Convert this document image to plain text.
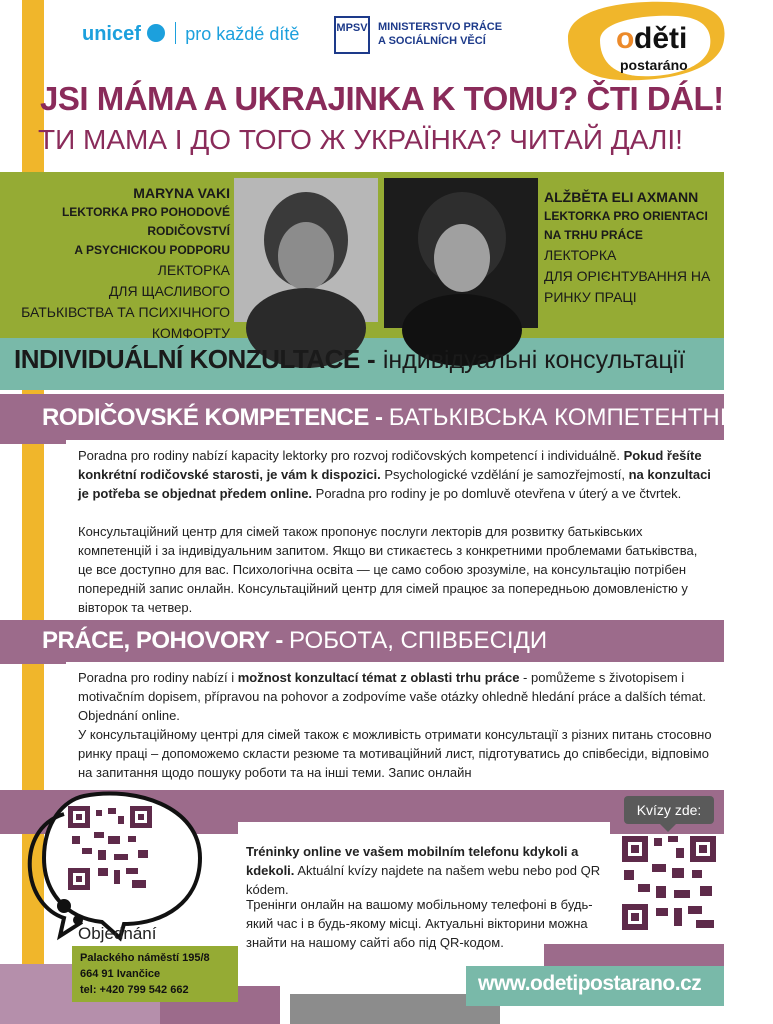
unicef pro každé dítě	MPSV MINISTERSTVO PRÁCE
A SOCIÁLNÍCH VĚCÍ	o děti
postaráno
JSI MÁMA A UKRAJINKA K TOMU? ČTI DÁL!
ТИ МАМА І ДО ТОГО Ж УКРАЇНКА? ЧИТАЙ ДАЛІ!
MARYNA VAKI
LEKTORKA PRO POHODOVÉ RODIČOVSTVÍ
A PSYCHICKOU PODPORU
ЛЕКТОРКА
ДЛЯ ЩАСЛИВОГО
БАТЬКІВСТВА ТА ПСИХІЧНОГО
КОМФОРТУ
ALŽBĚTA ELI AXMANN
LEKTORKA PRO ORIENTACI
NA TRHU PRÁCE
ЛЕКТОРКА
ДЛЯ ОРІЄНТУВАННЯ НА
РИНКУ ПРАЦІ
INDIVIDUÁLNÍ KONZULTACE - індивідуальні консультації
RODIČOVSKÉ KOMPETENCE - БАТЬКІВСЬКА КОМПЕТЕНТНІСТЬ
Poradna pro rodiny nabízí kapacity lektorky pro rozvoj rodičovských kompetencí i individuálně. Pokud řešíte konkrétní rodičovské starosti, je vám k dispozici. Psychologické vzdělání je samozřejmostí, na konzultaci je potřeba se objednat předem online. Poradna pro rodiny je po domluvě otevřena v úterý a ve čtvrtek.
Консультаційний центр для сімей також пропонує послуги лекторів для розвитку батьківських компетенцій і за індивідуальним запитом. Якщо ви стикаєтесь з конкретними проблемами батьківства, це все доступно для вас. Психологічна освіта — це само собою зрозуміле, на консультацію потрібен попередній запис онлайн. Консультаційний центр для сімей працює за попередньою домовленістю у вівторок та четвер.
PRÁCE, POHOVORY - РОБОТА, СПІВБЕСІДИ
Poradna pro rodiny nabízí i možnost konzultací témat z oblasti trhu práce - pomůžeme s životopisem i motivačním dopisem, přípravou na pohovor a zodpovíme vaše otázky ohledně hledání práce a dalších témat. Objednání online.
У консультаційному центрі для сімей також є можливість отримати консультації з різних питань стосовно ринку праці – допоможемо скласти резюме та мотиваційний лист, підготуватись до співбесіди, відповімо на запитання щодо пошуку роботи та на інші теми. Запис онлайн
Objednání
Palackého náměstí 195/8
664 91 Ivančice
tel: +420 799 542 662
Tréninky online ve vašem mobilním telefonu kdykoli a kdekoli. Aktuální kvízy najdete na našem webu nebo pod QR kódem.
Тренінги онлайн на вашому мобільному телефоні в будь-який час і в будь-якому місці. Актуальні вікторини можна знайти на нашому сайті або під QR-кодом.
Kvízy zde:
www.odetipostarano.cz
